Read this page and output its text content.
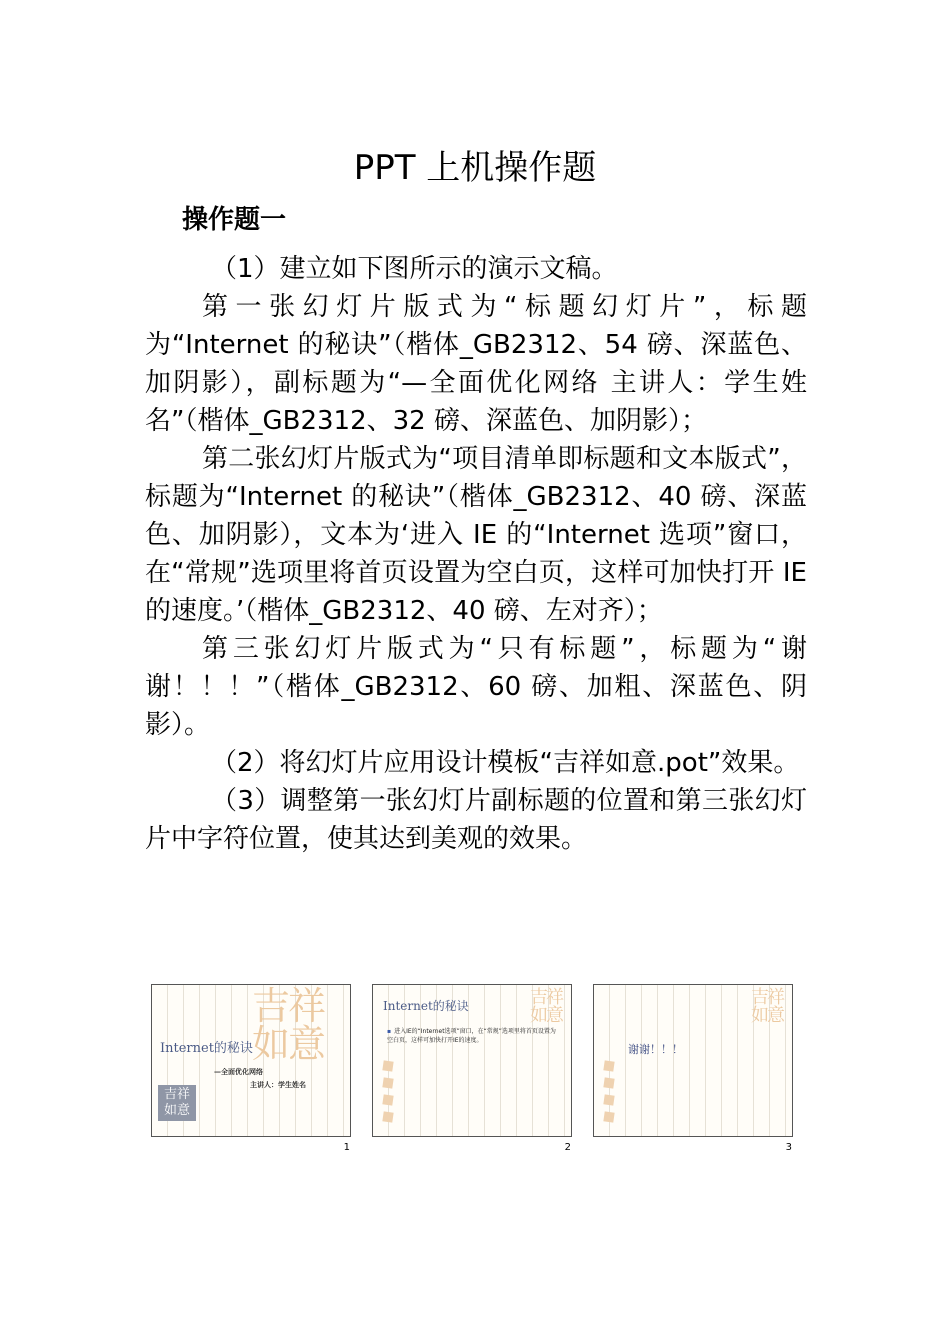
PPT 上机操作题
操作题一

（1）建立如下图所示的演示文稿。

第一张幻灯片版式为“标题幻灯片”，标题为“Internet 的秘诀”（楷体_GB2312、54 磅、深蓝色、加阴影），副标题为“—全面优化网络 主讲人：学生姓名”（楷体_GB2312、32 磅、深蓝色、加阴影）；

第二张幻灯片版式为“项目清单即标题和文本版式”，标题为“Internet 的秘诀”（楷体_GB2312、40 磅、深蓝色、加阴影），文本为‘进入 IE 的“Internet 选项”窗口，在“常规”选项里将首页设置为空白页，这样可加快打开 IE 的速度。’（楷体_GB2312、40 磅、左对齐）；

第三张幻灯片版式为“只有标题”，标题为“谢谢！！！”（楷体_GB2312、60 磅、加粗、深蓝色、阴影）。

（2）将幻灯片应用设计模板“吉祥如意.pot”效果。

（3）调整第一张幻灯片副标题的位置和第三张幻灯片中字符位置，使其达到美观的效果。

吉祥如意
Internet的秘诀
—全面优化网络
主讲人：学生姓名
吉祥如意
1
吉祥如意
Internet的秘诀
▪ 进入IE的“Internet选项”窗口，在“常规”选项里将首页设置为空白页，这样可加快打开IE的速度。
2
吉祥如意
谢谢！！！
3
